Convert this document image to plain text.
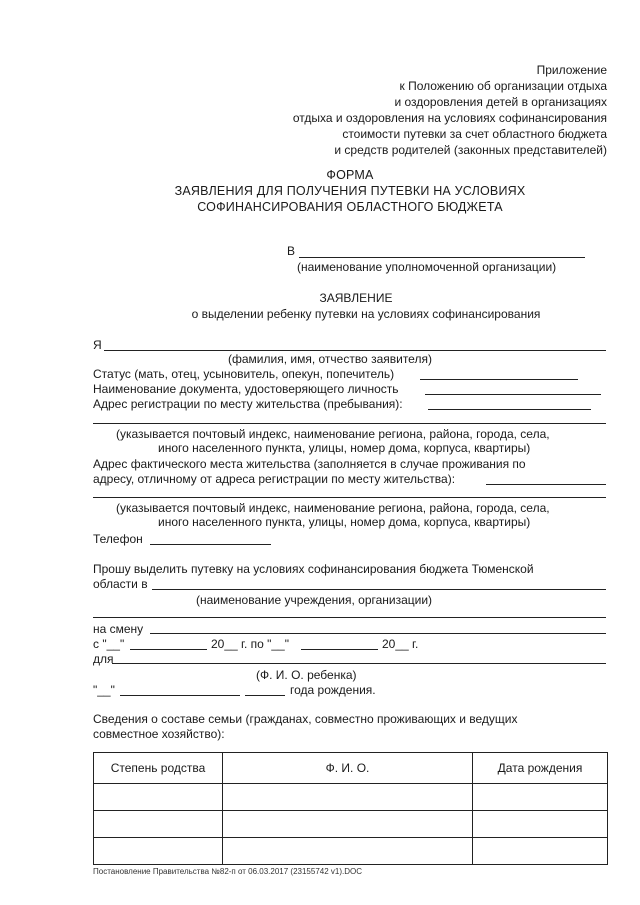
Приложение
к Положению об организации отдыха
и оздоровления детей в организациях
отдыха и оздоровления на условиях софинансирования
стоимости путевки за счет областного бюджета
и средств родителей (законных представителей)
ФОРМА
ЗАЯВЛЕНИЯ ДЛЯ ПОЛУЧЕНИЯ ПУТЕВКИ НА УСЛОВИЯХ
СОФИНАНСИРОВАНИЯ ОБЛАСТНОГО БЮДЖЕТА
В
(наименование уполномоченной организации)
ЗАЯВЛЕНИЕ
о выделении ребенку путевки на условиях софинансирования
Я
(фамилия, имя, отчество заявителя)
Статус (мать, отец, усыновитель, опекун, попечитель)
Наименование документа, удостоверяющего личность
Адрес регистрации по месту жительства (пребывания):
(указывается почтовый индекс, наименование региона, района, города, села,
иного населенного пункта, улицы, номер дома, корпуса, квартиры)
Адрес фактического места жительства (заполняется в случае проживания по
адресу, отличному от адреса регистрации по месту жительства):
(указывается почтовый индекс, наименование региона, района, города, села,
иного населенного пункта, улицы, номер дома, корпуса, квартиры)
Телефон
Прошу выделить путевку на условиях софинансирования бюджета Тюменской
области в
(наименование учреждения, организации)
на смену
с "__"	20__ г. по "__"	20__ г.
для
(Ф. И. О. ребенка)
"__"	года рождения.
Сведения о составе семьи (гражданах, совместно проживающих и ведущих
совместное хозяйство):
Степень родства	Ф. И. О.	Дата рождения

Постановление Правительства №82-п от 06.03.2017 (23155742 v1).DOC
